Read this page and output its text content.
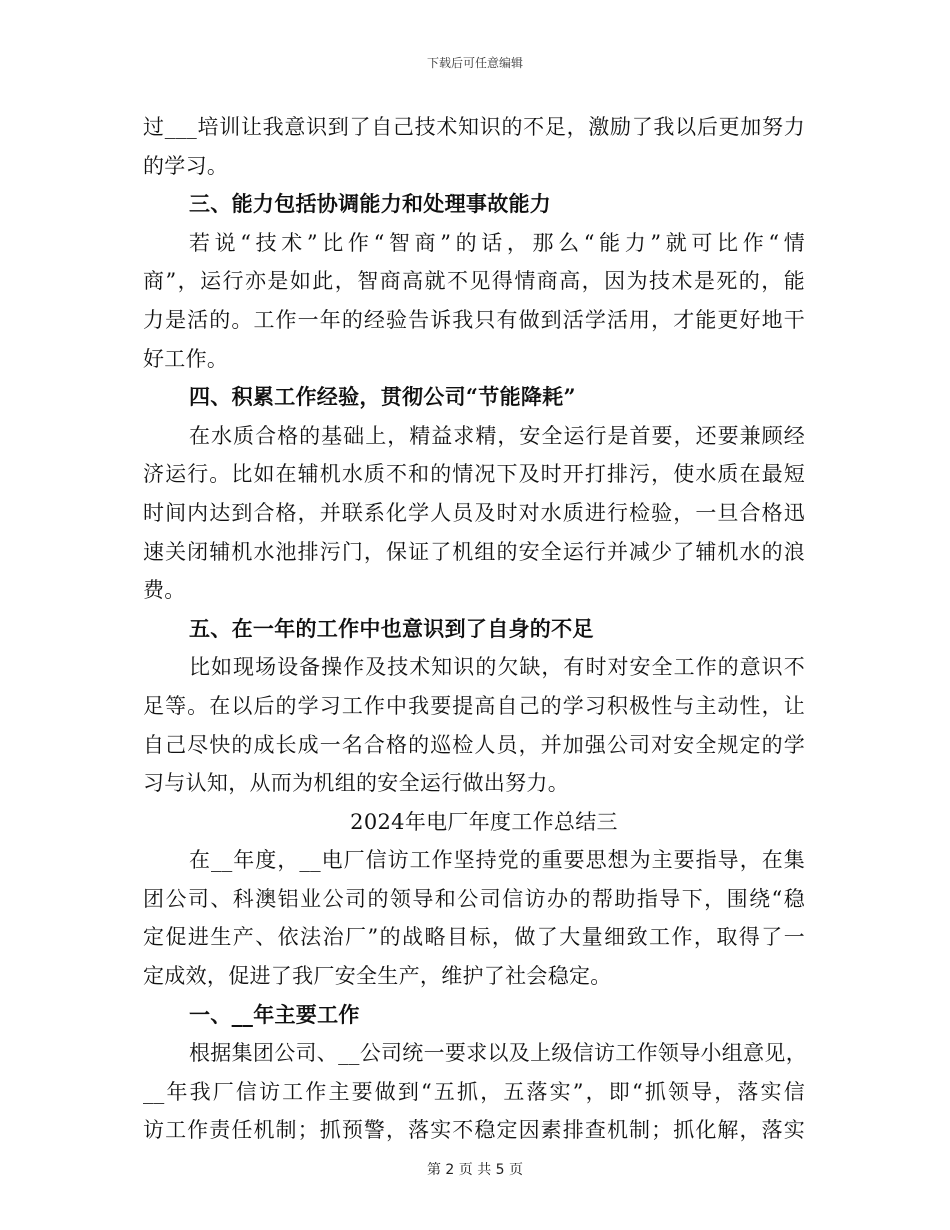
下载后可任意编辑
过___培训让我意识到了自己技术知识的不足，激励了我以后更加努力
的学习。
三、能力包括协调能力和处理事故能力
若说“技术”比作“智商”的话，那么“能力”就可比作“情
商”，运行亦是如此，智商高就不见得情商高，因为技术是死的，能
力是活的。工作一年的经验告诉我只有做到活学活用，才能更好地干
好工作。
四、积累工作经验，贯彻公司“节能降耗”
在水质合格的基础上，精益求精，安全运行是首要，还要兼顾经
济运行。比如在辅机水质不和的情况下及时开打排污，使水质在最短
时间内达到合格，并联系化学人员及时对水质进行检验，一旦合格迅
速关闭辅机水池排污门，保证了机组的安全运行并减少了辅机水的浪
费。
五、在一年的工作中也意识到了自身的不足
比如现场设备操作及技术知识的欠缺，有时对安全工作的意识不
足等。在以后的学习工作中我要提高自己的学习积极性与主动性，让
自己尽快的成长成一名合格的巡检人员，并加强公司对安全规定的学
习与认知，从而为机组的安全运行做出努力。
2024年电厂年度工作总结三
在__年度，__电厂信访工作坚持党的重要思想为主要指导，在集
团公司、科澳铝业公司的领导和公司信访办的帮助指导下，围绕“稳
定促进生产、依法治厂”的战略目标，做了大量细致工作，取得了一
定成效，促进了我厂安全生产，维护了社会稳定。
一、__年主要工作
根据集团公司、__公司统一要求以及上级信访工作领导小组意见，
__年我厂信访工作主要做到“五抓，五落实”，即“抓领导，落实信
访工作责任机制；抓预警，落实不稳定因素排查机制；抓化解，落实
第 2 页 共 5 页
